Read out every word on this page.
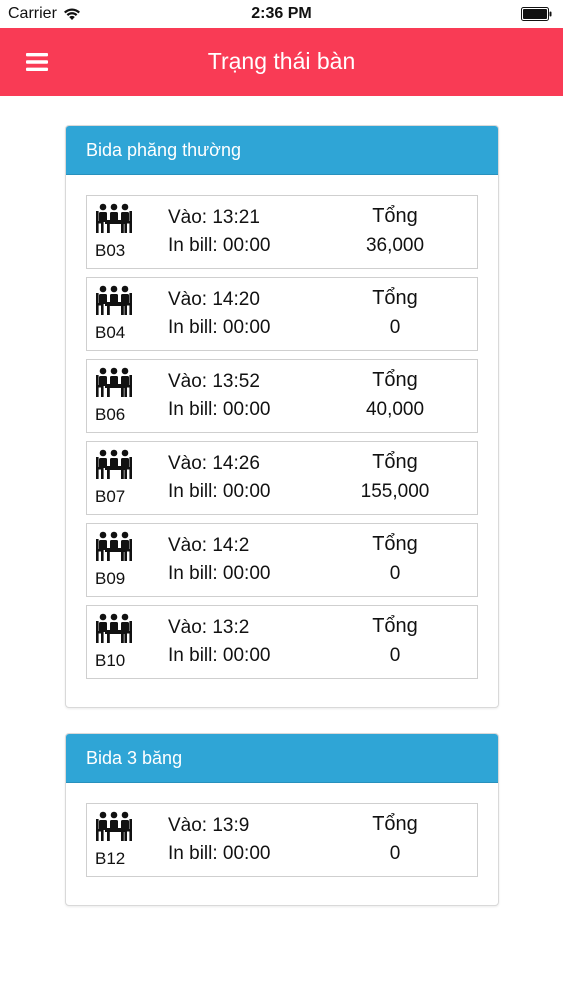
Carrier	2:36 PM
Trạng thái bàn
Bida phăng thường
B03
Vào: 13:21
In bill: 00:00
Tổng
36,000
B04
Vào: 14:20
In bill: 00:00
Tổng
0
B06
Vào: 13:52
In bill: 00:00
Tổng
40,000
B07
Vào: 14:26
In bill: 00:00
Tổng
155,000
B09
Vào: 14:2
In bill: 00:00
Tổng
0
B10
Vào: 13:2
In bill: 00:00
Tổng
0
Bida 3 băng
B12
Vào: 13:9
In bill: 00:00
Tổng
0
